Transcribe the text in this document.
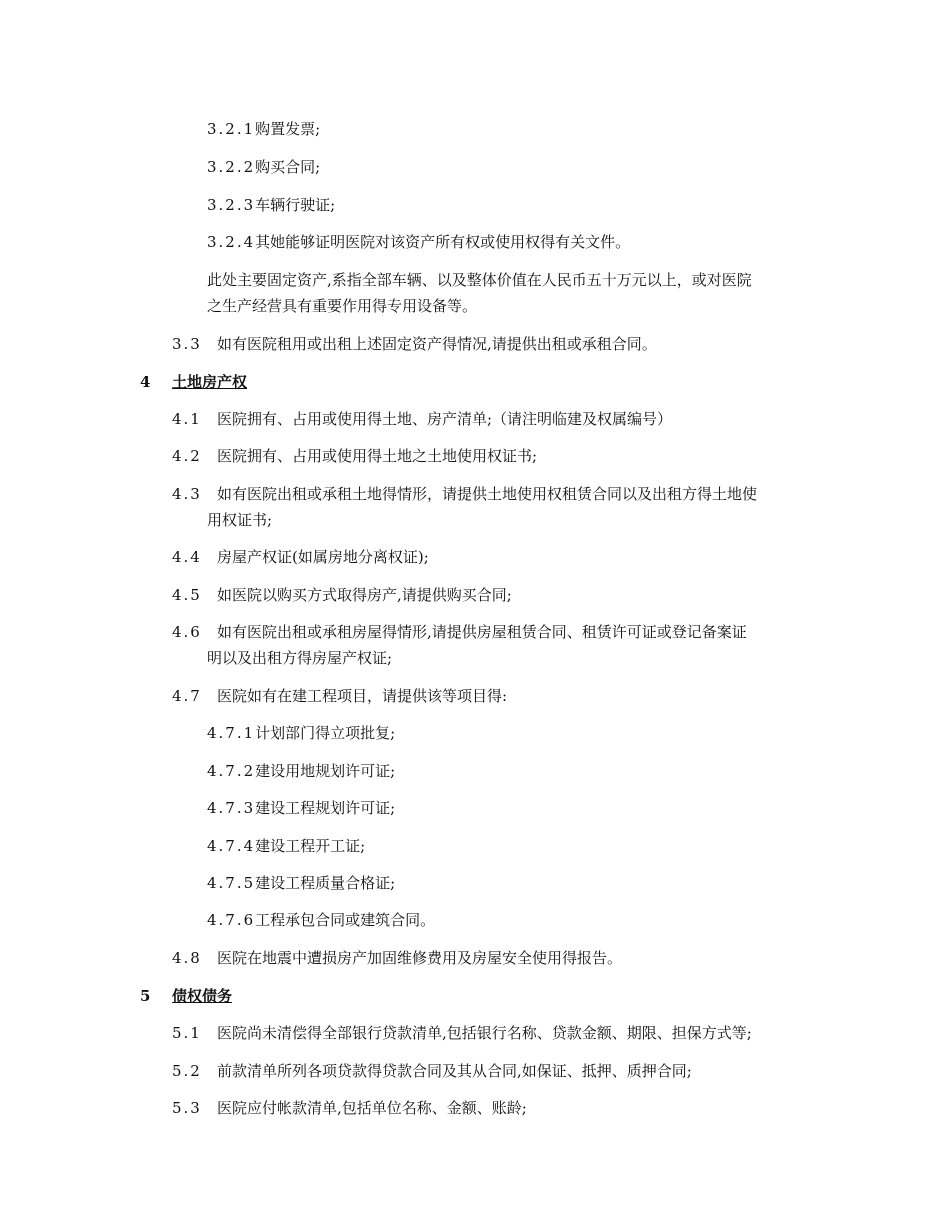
3.2.1购置发票;
3.2.2购买合同;
3.2.3车辆行驶证;
3.2.4其她能够证明医院对该资产所有权或使用权得有关文件。
此处主要固定资产,系指全部车辆、以及整体价值在人民币五十万元以上，或对医院
之生产经营具有重要作用得专用设备等。
3.3 如有医院租用或出租上述固定资产得情况,请提供出租或承租合同。
4 土地房产权
4.1 医院拥有、占用或使用得土地、房产清单;（请注明临建及权属编号）
4.2 医院拥有、占用或使用得土地之土地使用权证书;
4.3 如有医院出租或承租土地得情形，请提供土地使用权租赁合同以及出租方得土地使
用权证书;
4.4 房屋产权证(如属房地分离权证);
4.5 如医院以购买方式取得房产,请提供购买合同;
4.6 如有医院出租或承租房屋得情形,请提供房屋租赁合同、租赁许可证或登记备案证
明以及出租方得房屋产权证;
4.7 医院如有在建工程项目，请提供该等项目得:
4.7.1计划部门得立项批复;
4.7.2建设用地规划许可证;
4.7.3建设工程规划许可证;
4.7.4建设工程开工证;
4.7.5建设工程质量合格证;
4.7.6工程承包合同或建筑合同。
4.8 医院在地震中遭损房产加固维修费用及房屋安全使用得报告。
5 债权债务
5.1 医院尚未清偿得全部银行贷款清单,包括银行名称、贷款金额、期限、担保方式等;
5.2 前款清单所列各项贷款得贷款合同及其从合同,如保证、抵押、质押合同;
5.3 医院应付帐款清单,包括单位名称、金额、账龄;
